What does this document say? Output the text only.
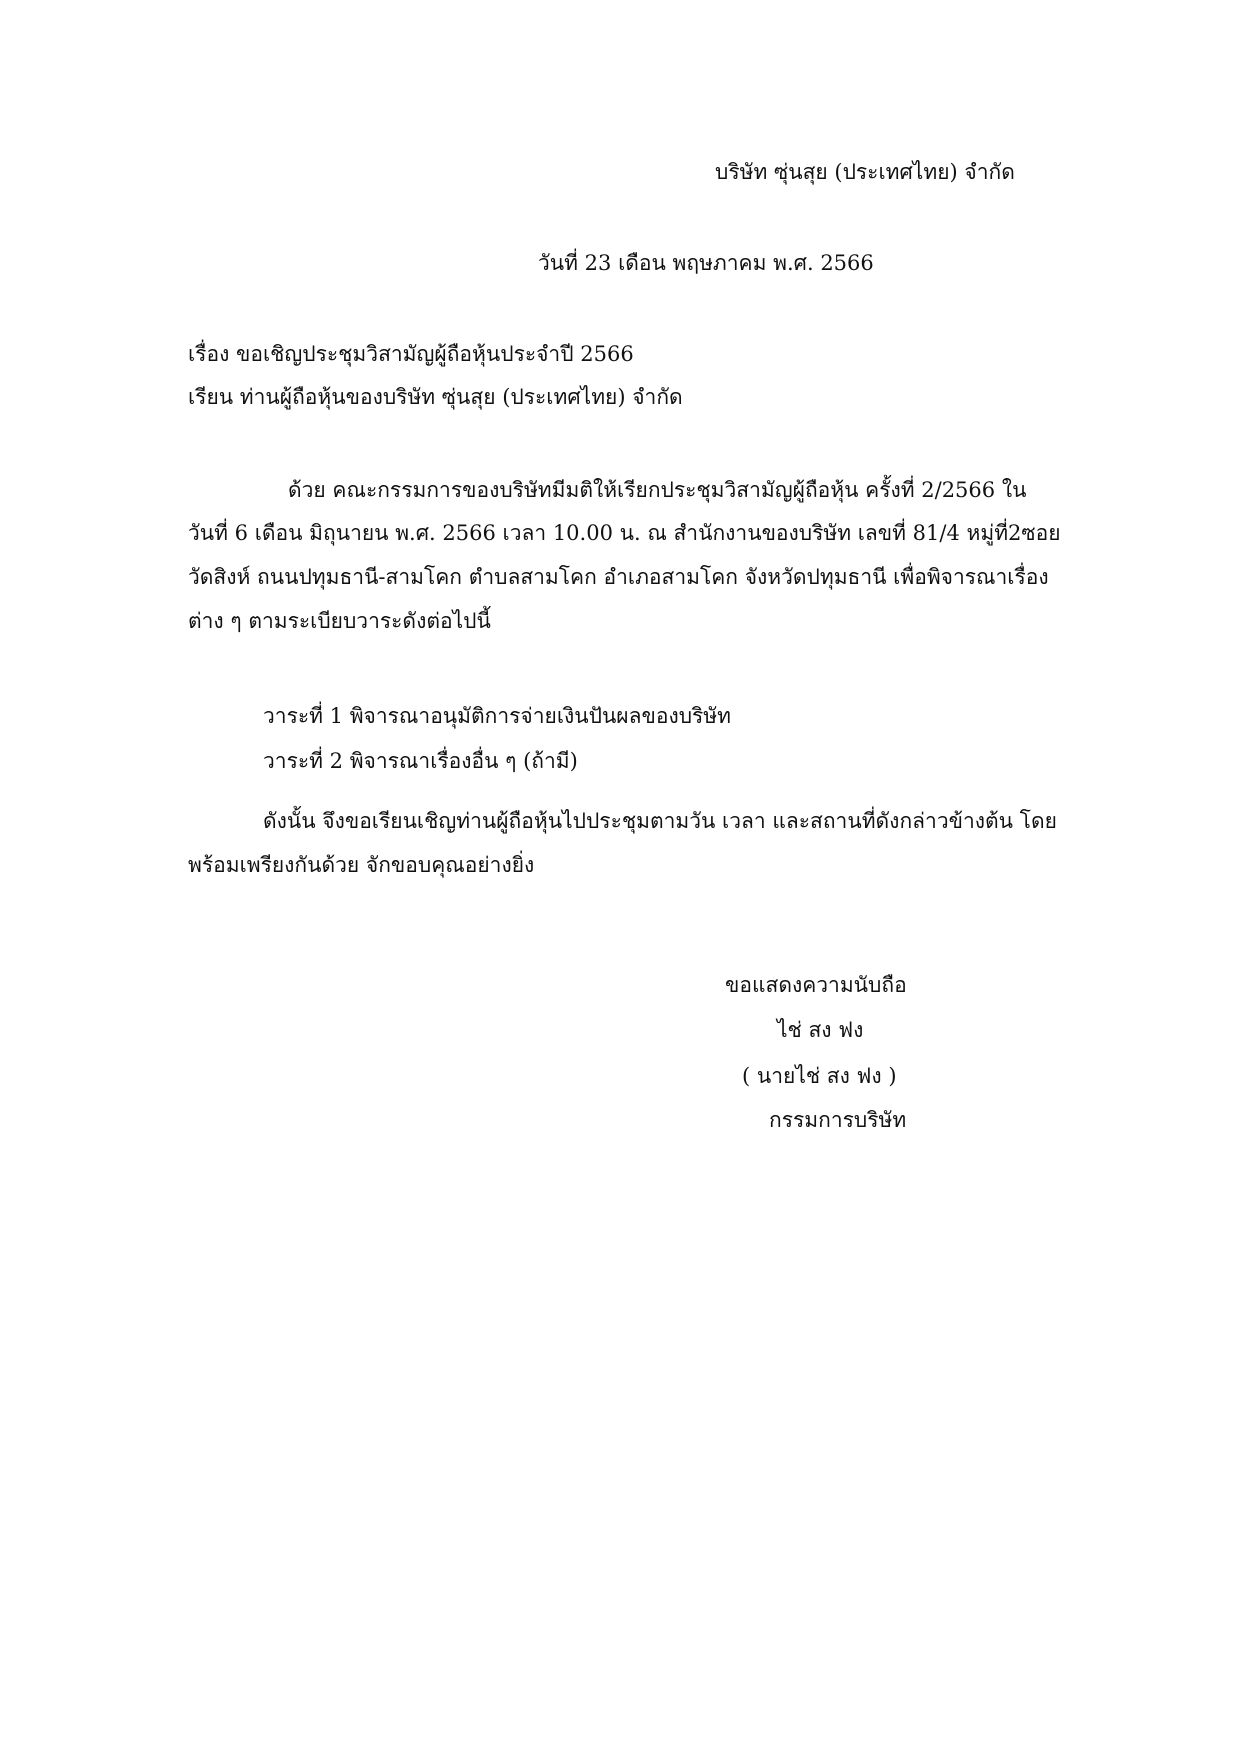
บริษัท ซุ่นสุย (ประเทศไทย) จำกัด
วันที่ 23 เดือน พฤษภาคม พ.ศ. 2566
เรื่อง ขอเชิญประชุมวิสามัญผู้ถือหุ้นประจำปี 2566
เรียน ท่านผู้ถือหุ้นของบริษัท ซุ่นสุย (ประเทศไทย) จำกัด
ด้วย คณะกรรมการของบริษัทมีมติให้เรียกประชุมวิสามัญผู้ถือหุ้น ครั้งที่ 2/2566 ใน
วันที่ 6 เดือน มิถุนายน พ.ศ. 2566 เวลา 10.00 น. ณ สำนักงานของบริษัท เลขที่ 81/4 หมู่ที่2ซอย
วัดสิงห์ ถนนปทุมธานี-สามโคก ตำบลสามโคก อำเภอสามโคก จังหวัดปทุมธานี เพื่อพิจารณาเรื่อง
ต่าง ๆ ตามระเบียบวาระดังต่อไปนี้
วาระที่ 1 พิจารณาอนุมัติการจ่ายเงินปันผลของบริษัท
วาระที่ 2 พิจารณาเรื่องอื่น ๆ (ถ้ามี)
ดังนั้น จึงขอเรียนเชิญท่านผู้ถือหุ้นไปประชุมตามวัน เวลา และสถานที่ดังกล่าวข้างต้น โดย
พร้อมเพรียงกันด้วย จักขอบคุณอย่างยิ่ง
ขอแสดงความนับถือ
ไช่ สง ฟง
( นายไช่ สง ฟง )
กรรมการบริษัท
